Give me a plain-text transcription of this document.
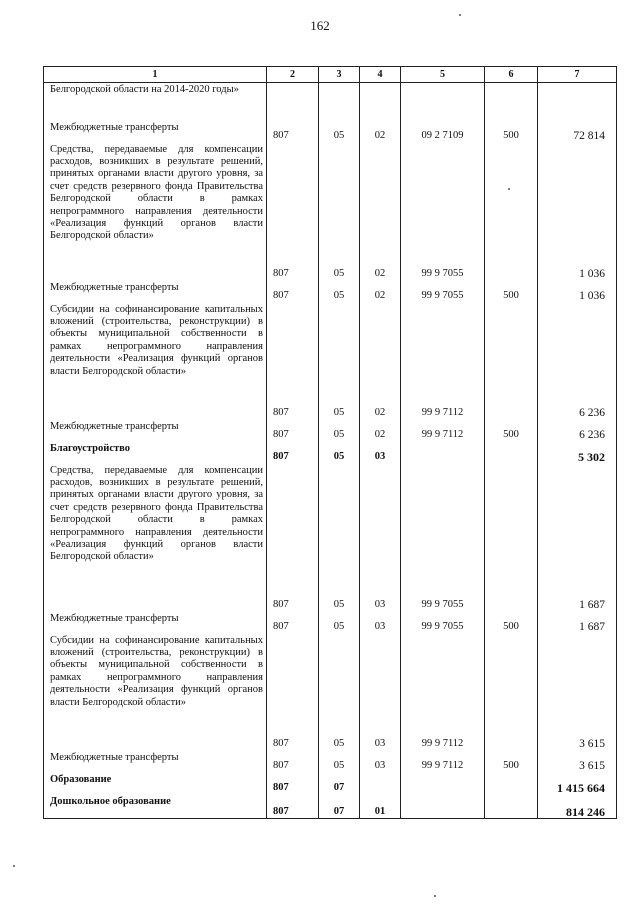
162
1	2	3	4	5	6	7
Белгородской области на 2014-2020 годы»						
Межбюджетные трансферты	807	05	02	09 2 7109	500	72 814
Средства, передаваемые для компенсации расходов, возникших в результате решений, принятых органами власти другого уровня, за счет средств резервного фонда Правительства Белгородской области в рамках непрограммного направления деятельности «Реализация функций органов власти Белгородской области»	807	05	02	99 9 7055		1 036
Межбюджетные трансферты	807	05	02	99 9 7055	500	1 036
Субсидии на софинансирование капитальных вложений (строительства, реконструкции) в объекты муниципальной собственности в рамках непрограммного направления деятельности «Реализация функций органов власти Белгородской области»	807	05	02	99 9 7112		6 236
Межбюджетные трансферты	807	05	02	99 9 7112	500	6 236
Благоустройство	807	05	03			5 302
Средства, передаваемые для компенсации расходов, возникших в результате решений, принятых органами власти другого уровня, за счет средств резервного фонда Правительства Белгородской области в рамках непрограммного направления деятельности «Реализация функций органов власти Белгородской области»	807	05	03	99 9 7055		1 687
Межбюджетные трансферты	807	05	03	99 9 7055	500	1 687
Субсидии на софинансирование капитальных вложений (строительства, реконструкции) в объекты муниципальной собственности в рамках непрограммного направления деятельности «Реализация функций органов власти Белгородской области»	807	05	03	99 9 7112		3 615
Межбюджетные трансферты	807	05	03	99 9 7112	500	3 615
Образование	807	07				1 415 664
Дошкольное образование	807	07	01			814 246
